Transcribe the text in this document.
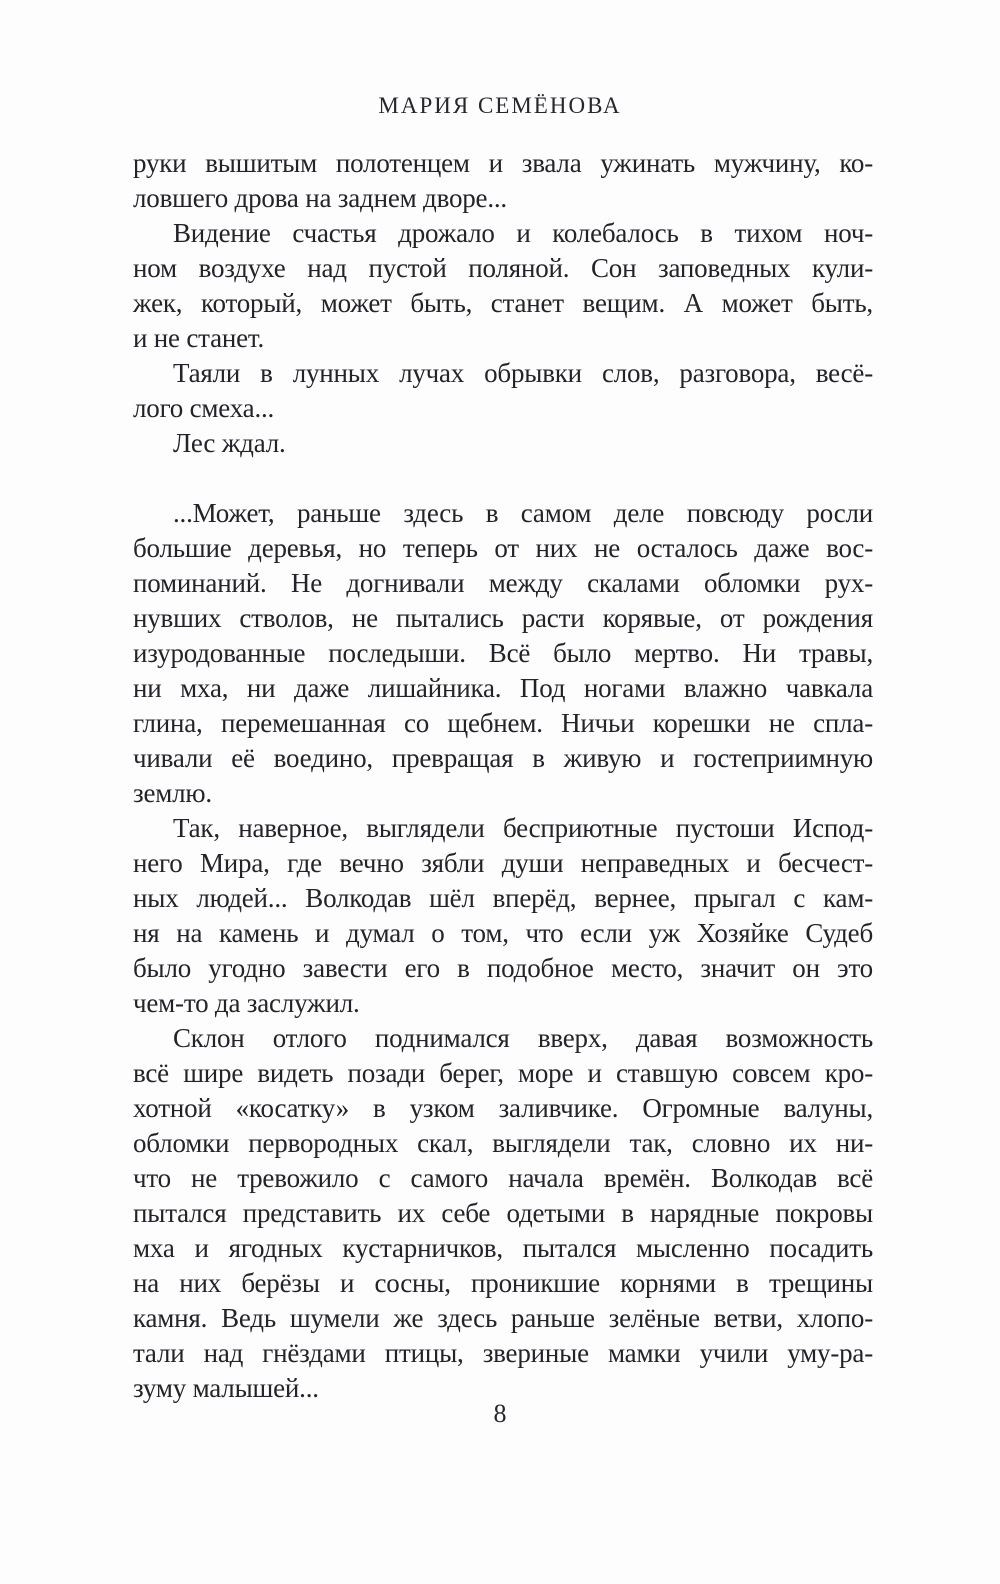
МАРИЯ СЕМЁНОВА
руки вышитым полотенцем и звала ужинать мужчину, ко-
ловшего дрова на заднем дворе...
Видение счастья дрожало и колебалось в тихом ноч-
ном воздухе над пустой поляной. Сон заповедных кули-
жек, который, может быть, станет вещим. А может быть,
и не станет.
Таяли в лунных лучах обрывки слов, разговора, весё-
лого смеха...
Лес ждал.
...Может, раньше здесь в самом деле повсюду росли
большие деревья, но теперь от них не осталось даже вос-
поминаний. Не догнивали между скалами обломки рух-
нувших стволов, не пытались расти корявые, от рождения
изуродованные последыши. Всё было мертво. Ни травы,
ни мха, ни даже лишайника. Под ногами влажно чавкала
глина, перемешанная со щебнем. Ничьи корешки не спла-
чивали её воедино, превращая в живую и гостеприимную
землю.
Так, наверное, выглядели бесприютные пустоши Испод-
него Мира, где вечно зябли души неправедных и бесчест-
ных людей... Волкодав шёл вперёд, вернее, прыгал с кам-
ня на камень и думал о том, что если уж Хозяйке Судеб
было угодно завести его в подобное место, значит он это
чем-то да заслужил.
Склон отлого поднимался вверх, давая возможность
всё шире видеть позади берег, море и ставшую совсем кро-
хотной «косатку» в узком заливчике. Огромные валуны,
обломки первородных скал, выглядели так, словно их ни-
что не тревожило с самого начала времён. Волкодав всё
пытался представить их себе одетыми в нарядные покровы
мха и ягодных кустарничков, пытался мысленно посадить
на них берёзы и сосны, проникшие корнями в трещины
камня. Ведь шумели же здесь раньше зелёные ветви, хлопо-
тали над гнёздами птицы, звериные мамки учили уму-ра-
зуму малышей...
8
